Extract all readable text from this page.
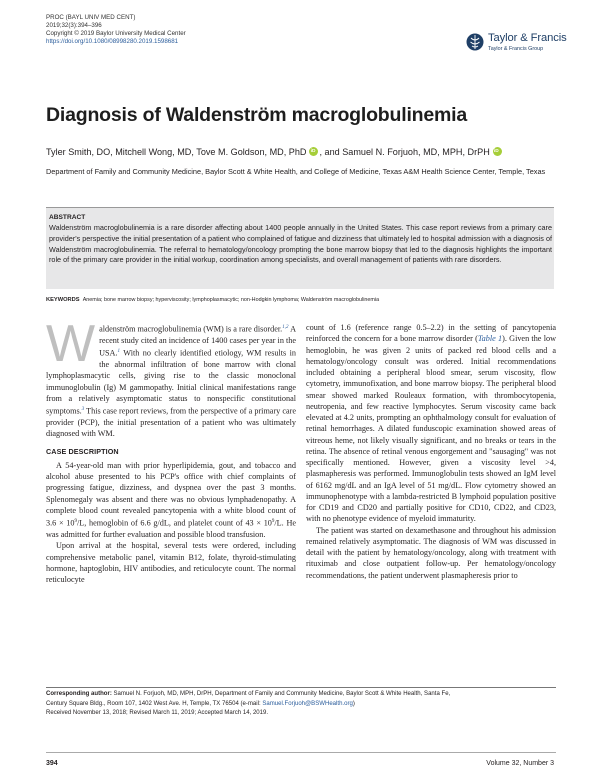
PROC (BAYL UNIV MED CENT)
2019;32(3):394–396
Copyright © 2019 Baylor University Medical Center
https://doi.org/10.1080/08998280.2019.1598681	Taylor & Francis
Taylor & Francis Group
Diagnosis of Waldenström macroglobulinemia
Tyler Smith, DO, Mitchell Wong, MD, Tove M. Goldson, MD, PhDiD , and Samuel N. Forjuoh, MD, MPH, DrPHiD
Department of Family and Community Medicine, Baylor Scott & White Health, and College of Medicine, Texas A&M Health Science Center, Temple, Texas
ABSTRACT
Waldenström macroglobulinemia is a rare disorder affecting about 1400 people annually in the United States. This case report reviews from a primary care provider's perspective the initial presentation of a patient who complained of fatigue and dizziness that ultimately led to hospital admission with a diagnosis of Waldenström macroglobulinemia. The referral to hematology/oncology prompting the bone marrow biopsy that led to the diagnosis highlights the important role of the primary care provider in the initial workup, coordination among specialists, and overall management of patients with rare disorders.
KEYWORDS Anemia; bone marrow biopsy; hyperviscosity; lymphoplasmacytic; non-Hodgkin lymphoma; Waldenström macroglobulinemia

Waldenström macroglobulinemia (WM) is a rare disorder.$^{1,2}$ A recent study cited an incidence of 1400 cases per year in the USA.$^1$ With no clearly identified etiology, WM results in the abnormal infiltration of bone marrow with clonal lymphoplasmacytic cells, giving rise to the classic monoclonal immunoglobulin (Ig) M gammopathy. Initial clinical manifestations range from a relatively asymptomatic status to nonspecific constitutional symptoms.$^3$ This case report reviews, from the perspective of a primary care provider (PCP), the initial presentation of a patient who was ultimately diagnosed with WM.

CASE DESCRIPTION

A 54-year-old man with prior hyperlipidemia, gout, and tobacco and alcohol abuse presented to his PCP's office with chief complaints of progressing fatigue, dizziness, and dyspnea over the past 3 months. Splenomegaly was absent and there was no obvious lymphadenopathy. A complete blood count revealed pancytopenia with a white blood count of $3.6 \times 10^9/L$, hemoglobin of 6.6 g/dL, and platelet count of $43 \times 10^9/L$. He was admitted for further evaluation and possible blood transfusion.

Upon arrival at the hospital, several tests were ordered, including comprehensive metabolic panel, vitamin B12, folate, thyroid-stimulating hormone, haptoglobin, HIV antibodies, and reticulocyte count. The normal reticulocyte

count of 1.6 (reference range 0.5–2.2) in the setting of pancytopenia reinforced the concern for a bone marrow disorder (Table 1). Given the low hemoglobin, he was given 2 units of packed red blood cells and a hematology/oncology consult was ordered. Initial recommendations included obtaining a peripheral blood smear, serum viscosity, flow cytometry, immunofixation, and bone marrow biopsy. The peripheral blood smear showed marked Rouleaux formation, with thrombocytopenia, neutropenia, and few reactive lymphocytes. Serum viscosity came back elevated at 4.2 units, prompting an ophthalmology consult for evaluation of retinal hemorrhages. A dilated funduscopic examination showed areas of vitreous heme, not likely visually significant, and no breaks or tears in the retina. The absence of retinal venous engorgement and "sausaging" was not specifically mentioned. However, given a viscosity level >4, plasmapheresis was performed. Immunoglobulin tests showed an IgM level of 6162 mg/dL and an IgA level of 51 mg/dL. Flow cytometry showed an immunophenotype with a lambda-restricted B lymphoid population positive for CD19 and CD20 and partially positive for CD10, CD22, and CD23, with no phenotype evidence of myeloid immaturity.

The patient was started on dexamethasone and throughout his admission remained relatively asymptomatic. The diagnosis of WM was discussed in detail with the patient by hematology/oncology, along with treatment with rituximab and close outpatient follow-up. Per hematology/oncology recommendations, the patient underwent plasmapheresis prior to

Corresponding author: Samuel N. Forjuoh, MD, MPH, DrPH, Department of Family and Community Medicine, Baylor Scott & White Health, Santa Fe,
Century Square Bldg., Room 107, 1402 West Ave. H, Temple, TX 76504 (e-mail: Samuel.Forjuoh@BSWHealth.org)
Received November 13, 2018; Revised March 11, 2019; Accepted March 14, 2019.
394	Volume 32, Number 3
